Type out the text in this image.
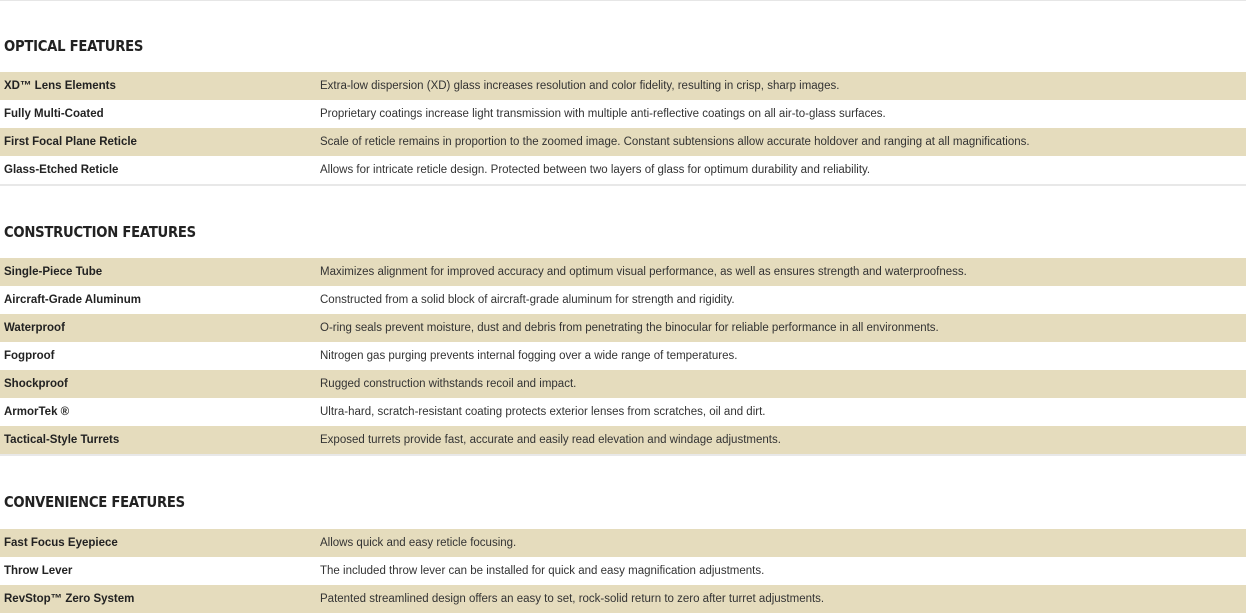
OPTICAL FEATURES
XD™ Lens Elements	Extra-low dispersion (XD) glass increases resolution and color fidelity, resulting in crisp, sharp images.
Fully Multi-Coated	Proprietary coatings increase light transmission with multiple anti-reflective coatings on all air-to-glass surfaces.
First Focal Plane Reticle	Scale of reticle remains in proportion to the zoomed image. Constant subtensions allow accurate holdover and ranging at all magnifications.
Glass-Etched Reticle	Allows for intricate reticle design. Protected between two layers of glass for optimum durability and reliability.
CONSTRUCTION FEATURES
Single-Piece Tube	Maximizes alignment for improved accuracy and optimum visual performance, as well as ensures strength and waterproofness.
Aircraft-Grade Aluminum	Constructed from a solid block of aircraft-grade aluminum for strength and rigidity.
Waterproof	O-ring seals prevent moisture, dust and debris from penetrating the binocular for reliable performance in all environments.
Fogproof	Nitrogen gas purging prevents internal fogging over a wide range of temperatures.
Shockproof	Rugged construction withstands recoil and impact.
ArmorTek ®	Ultra-hard, scratch-resistant coating protects exterior lenses from scratches, oil and dirt.
Tactical-Style Turrets	Exposed turrets provide fast, accurate and easily read elevation and windage adjustments.
CONVENIENCE FEATURES
Fast Focus Eyepiece	Allows quick and easy reticle focusing.
Throw Lever	The included throw lever can be installed for quick and easy magnification adjustments.
RevStop™ Zero System	Patented streamlined design offers an easy to set, rock-solid return to zero after turret adjustments.
